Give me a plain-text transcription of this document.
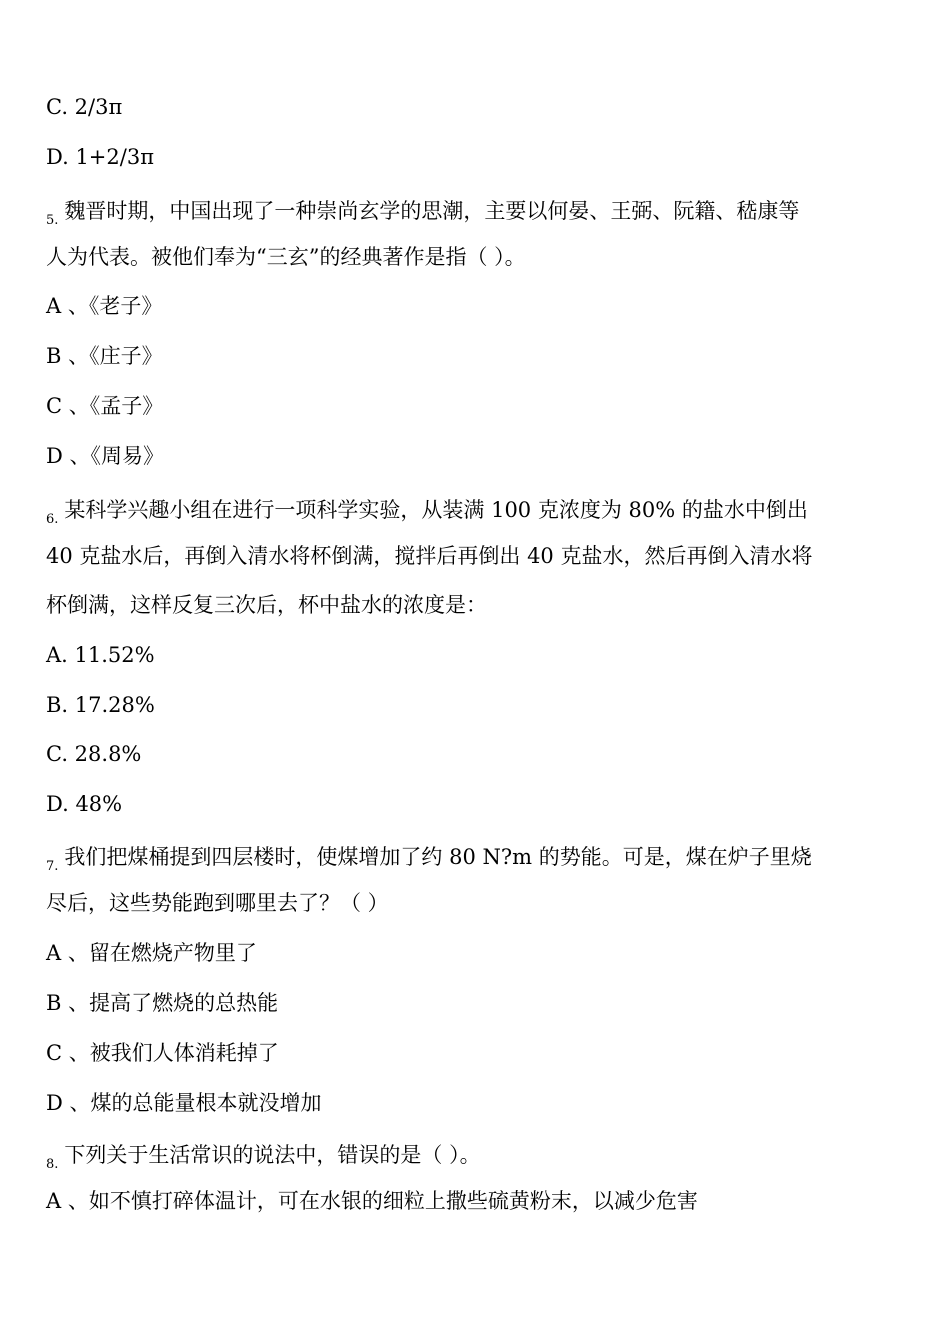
C. 2/3π
D. 1+2/3π
$_{5.}$ 魏晋时期，中国出现了一种崇尚玄学的思潮，主要以何晏、王弼、阮籍、嵇康等
人为代表。被他们奉为“三玄”的经典著作是指（ ）。
A 、《老子》
B 、《庄子》
C 、《孟子》
D 、《周易》
$_{6.}$ 某科学兴趣小组在进行一项科学实验，从装满 100 克浓度为 80% 的盐水中倒出
40 克盐水后，再倒入清水将杯倒满，搅拌后再倒出 40 克盐水，然后再倒入清水将
杯倒满，这样反复三次后，杯中盐水的浓度是：
A. 11.52%
B. 17.28%
C. 28.8%
D. 48%
$_{7.}$ 我们把煤桶提到四层楼时，使煤增加了约 80 N?m 的势能。可是，煤在炉子里烧
尽后，这些势能跑到哪里去了？（ ）
A 、留在燃烧产物里了
B 、提高了燃烧的总热能
C 、被我们人体消耗掉了
D 、煤的总能量根本就没增加
$_{8.}$ 下列关于生活常识的说法中，错误的是（ ）。
A 、如不慎打碎体温计，可在水银的细粒上撒些硫黄粉末，以减少危害
